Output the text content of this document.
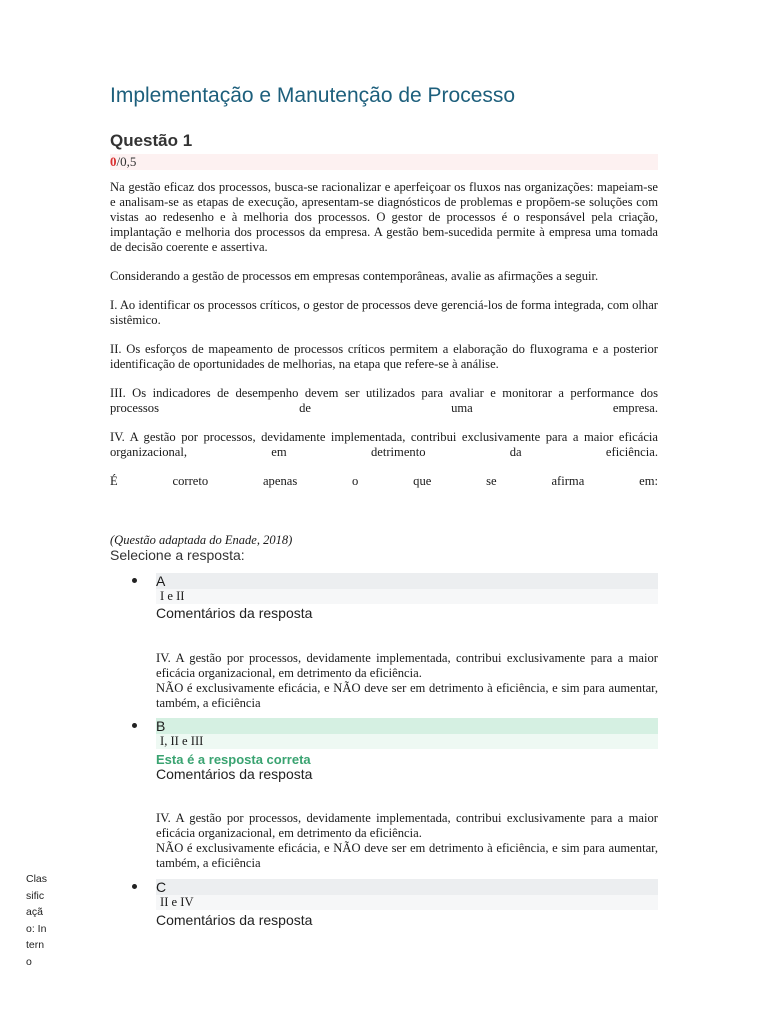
Implementação e Manutenção de Processo
Questão 1
0/0,5

Na gestão eficaz dos processos, busca-se racionalizar e aperfeiçoar os fluxos nas organizações: mapeiam-se e analisam-se as etapas de execução, apresentam-se diagnósticos de problemas e propõem-se soluções com vistas ao redesenho e à melhoria dos processos. O gestor de processos é o responsável pela criação, implantação e melhoria dos processos da empresa. A gestão bem-sucedida permite à empresa uma tomada de decisão coerente e assertiva.

Considerando a gestão de processos em empresas contemporâneas, avalie as afirmações a seguir.

I. Ao identificar os processos críticos, o gestor de processos deve gerenciá-los de forma integrada, com olhar sistêmico.

II. Os esforços de mapeamento de processos críticos permitem a elaboração do fluxograma e a posterior identificação de oportunidades de melhorias, na etapa que refere-se à análise.

III. Os indicadores de desempenho devem ser utilizados para avaliar e monitorar a performance dos processos de uma empresa.

IV. A gestão por processos, devidamente implementada, contribui exclusivamente para a maior eficácia organizacional, em detrimento da eficiência.

É correto apenas o que se afirma em:

(Questão adaptada do Enade, 2018)
Selecione a resposta:
A
I e II
Comentários da resposta

IV. A gestão por processos, devidamente implementada, contribui exclusivamente para a maior eficácia organizacional, em detrimento da eficiência.

NÃO é exclusivamente eficácia, e NÃO deve ser em detrimento à eficiência, e sim para aumentar, também, a eficiência

B
I, II e III
Esta é a resposta correta
Comentários da resposta

IV. A gestão por processos, devidamente implementada, contribui exclusivamente para a maior eficácia organizacional, em detrimento da eficiência.

NÃO é exclusivamente eficácia, e NÃO deve ser em detrimento à eficiência, e sim para aumentar, também, a eficiência

C
II e IV
Comentários da resposta
Classificação: Interno
